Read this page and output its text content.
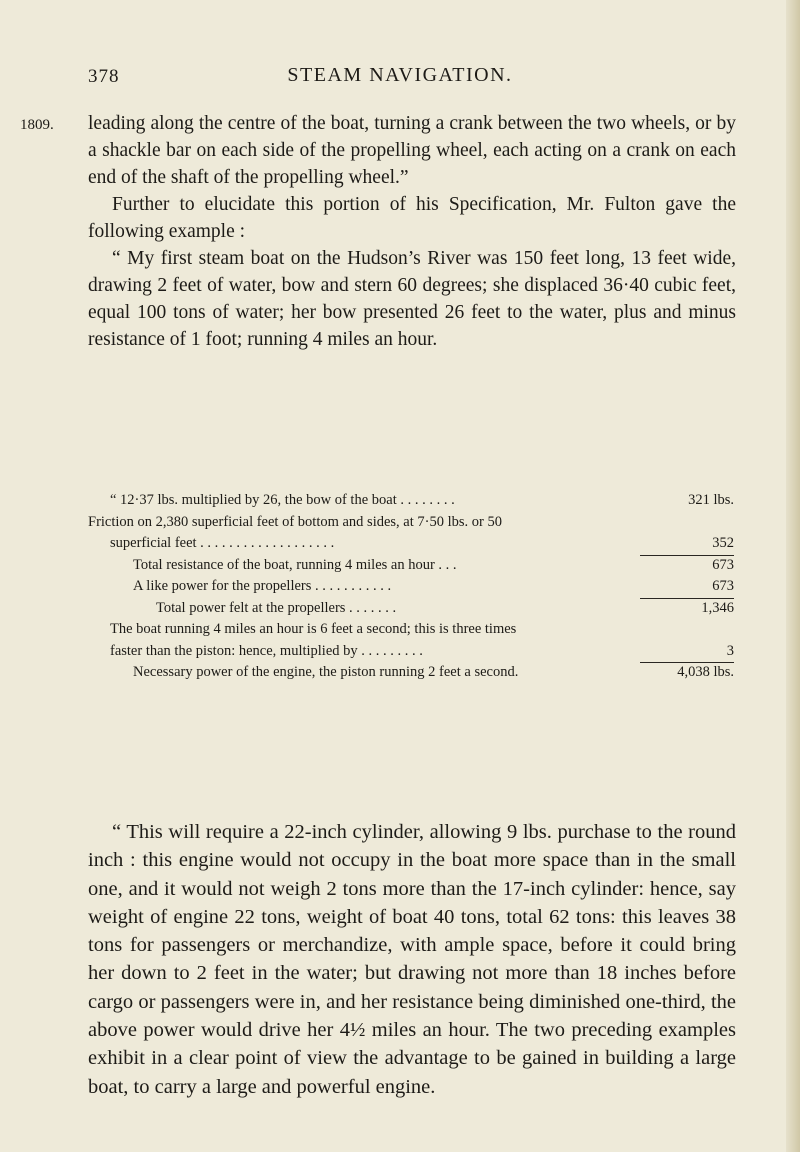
378	STEAM NAVIGATION.
1809. leading along the centre of the boat, turning a crank between the two wheels, or by a shackle bar on each side of the propelling wheel, each acting on a crank on each end of the shaft of the propelling wheel.”

Further to elucidate this portion of his Specification, Mr. Fulton gave the following example :

“ My first steam boat on the Hudson’s River was 150 feet long, 13 feet wide, drawing 2 feet of water, bow and stern 60 degrees; she displaced 36·40 cubic feet, equal 100 tons of water; her bow presented 26 feet to the water, plus and minus resistance of 1 foot; running 4 miles an hour.

“ 12·37 lbs. multiplied by 26, the bow of the boat . . . . . . . .	321 lbs.
Friction on 2,380 superficial feet of bottom and sides, at 7·50 lbs. or 50
superficial feet . . . . . . . . . . . . . . . . . . .	352
Total resistance of the boat, running 4 miles an hour . . .	673
A like power for the propellers . . . . . . . . . . .	673
Total power felt at the propellers . . . . . . .	1,346
The boat running 4 miles an hour is 6 feet a second; this is three times
faster than the piston: hence, multiplied by . . . . . . . . .	3
Necessary power of the engine, the piston running 2 feet a second.	4,038 lbs.

“ This will require a 22-inch cylinder, allowing 9 lbs. purchase to the round inch : this engine would not occupy in the boat more space than in the small one, and it would not weigh 2 tons more than the 17-inch cylinder: hence, say weight of engine 22 tons, weight of boat 40 tons, total 62 tons: this leaves 38 tons for passengers or merchandize, with ample space, before it could bring her down to 2 feet in the water; but drawing not more than 18 inches before cargo or passengers were in, and her resistance being diminished one-third, the above power would drive her 4½ miles an hour. The two preceding examples exhibit in a clear point of view the advantage to be gained in building a large boat, to carry a large and powerful engine.
